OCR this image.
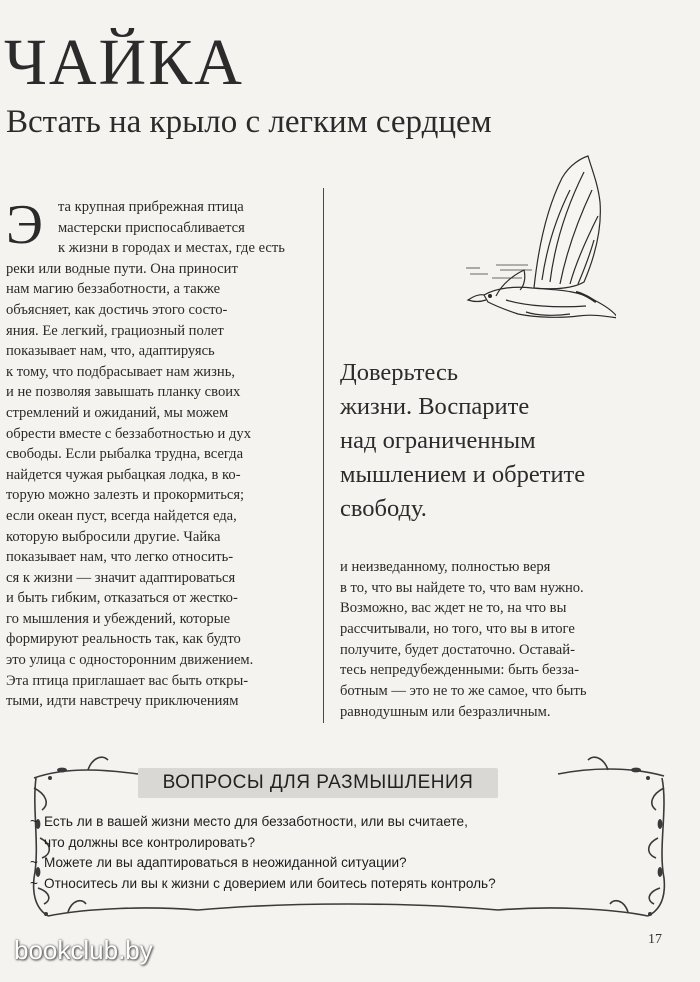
ЧАЙКА
Встать на крыло с легким сердцем
Э	та крупная прибрежная птица
мастерски приспосабливается
к жизни в городах и местах, где есть
реки или водные пути. Она приносит
нам магию беззаботности, а также
объясняет, как достичь этого состо-
яния. Ее легкий, грациозный полет
показывает нам, что, адаптируясь
к тому, что подбрасывает нам жизнь,
и не позволяя завышать планку своих
стремлений и ожиданий, мы можем
обрести вместе с беззаботностью и дух
свободы. Если рыбалка трудна, всегда
найдется чужая рыбацкая лодка, в ко-
торую можно залезть и прокормиться;
если океан пуст, всегда найдется еда,
которую выбросили другие. Чайка
показывает нам, что легко относить-
ся к жизни — значит адаптироваться
и быть гибким, отказаться от жестко-
го мышления и убеждений, которые
формируют реальность так, как будто
это улица с односторонним движением.
Эта птица приглашает вас быть откры-
тыми, идти навстречу приключениям
Доверьтесь
жизни. Воспарите
над ограниченным
мышлением и обретите
свободу.
и неизведанному, полностью веря
в то, что вы найдете то, что вам нужно.
Возможно, вас ждет не то, на что вы
рассчитывали, но того, что вы в итоге
получите, будет достаточно. Оставай-
тесь непредубежденными: быть безза-
ботным — это не то же самое, что быть
равнодушным или безразличным.
ВОПРОСЫ ДЛЯ РАЗМЫШЛЕНИЯ
~ Есть ли в вашей жизни место для беззаботности, или вы считаете,
что должны все контролировать?
~ Можете ли вы адаптироваться в неожиданной ситуации?
~ Относитесь ли вы к жизни с доверием или боитесь потерять контроль?
17
bookclub.by
